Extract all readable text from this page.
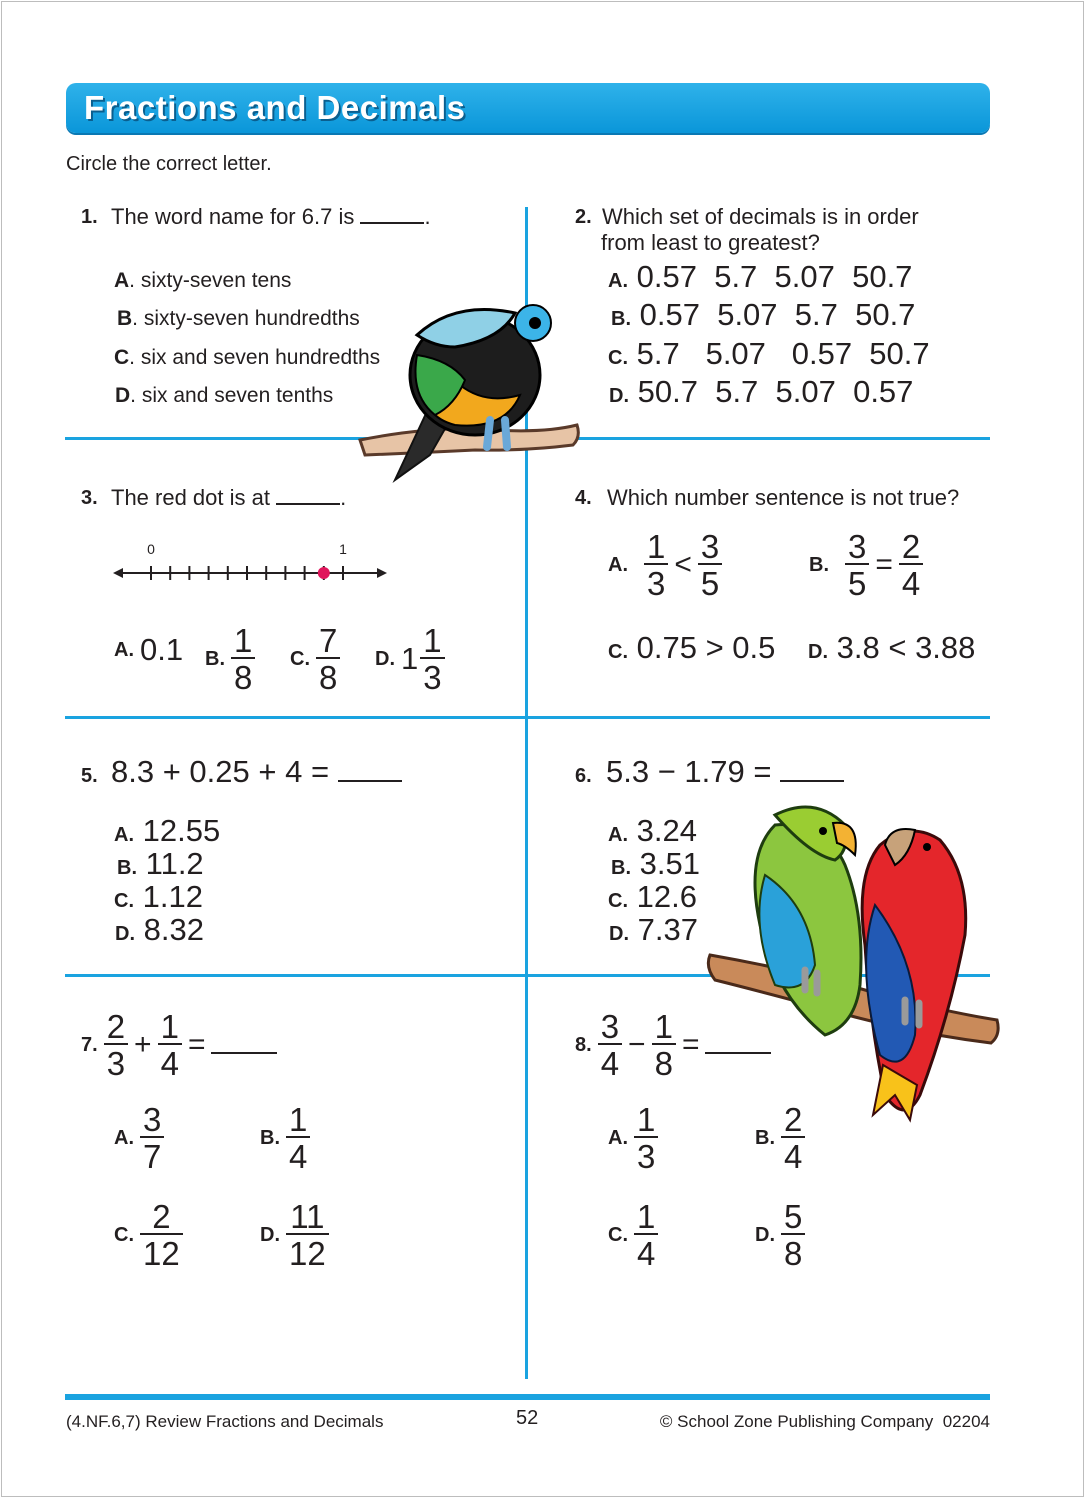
Fractions and Decimals
Circle the correct letter.
1. The word name for 6.7 is	.
A. sixty-seven tens
B. sixty-seven hundredths
C. six and seven hundredths
D. six and seven tenths
2. Which set of decimals is in order
from least to greatest?
A. 0.57  5.7  5.07  50.7
B. 0.57  5.07  5.7  50.7
C. 5.7   5.07   0.57  50.7
D. 50.7  5.7  5.07  0.57
3. The red dot is at	.
0	1
A . 0.1 B . $\frac{1}{8}$ C . $\frac{7}{8}$ D . $1 \frac{1}{3}$
4. Which number sentence is not true?
A . $\frac{1}{3} < \frac{3}{5}$	B . $\frac{3}{5} = \frac{2}{4}$
C. 0.75 > 0.5 D. 3.8 < 3.88
5. 8.3 + 0.25 + 4 =
A. 12.55
B. 11.2
C. 1.12
D. 8.32
6. 5.3 − 1.79 =
A. 3.24
B. 3.51
C. 12.6
D. 7.37
7. $\frac{2}{3} + \frac{1}{4}$ =
A . $\frac{3}{7}$	B . $\frac{1}{4}$
C . $\frac{2}{12}$	D . $\frac{11}{12}$
8. $\frac{3}{4} - \frac{1}{8}$ =
A . $\frac{1}{3}$	B . $\frac{2}{4}$
C . $\frac{1}{4}$	D . $\frac{5}{8}$
(4.NF.6,7) Review Fractions and Decimals	52	© School Zone Publishing Company  02204
